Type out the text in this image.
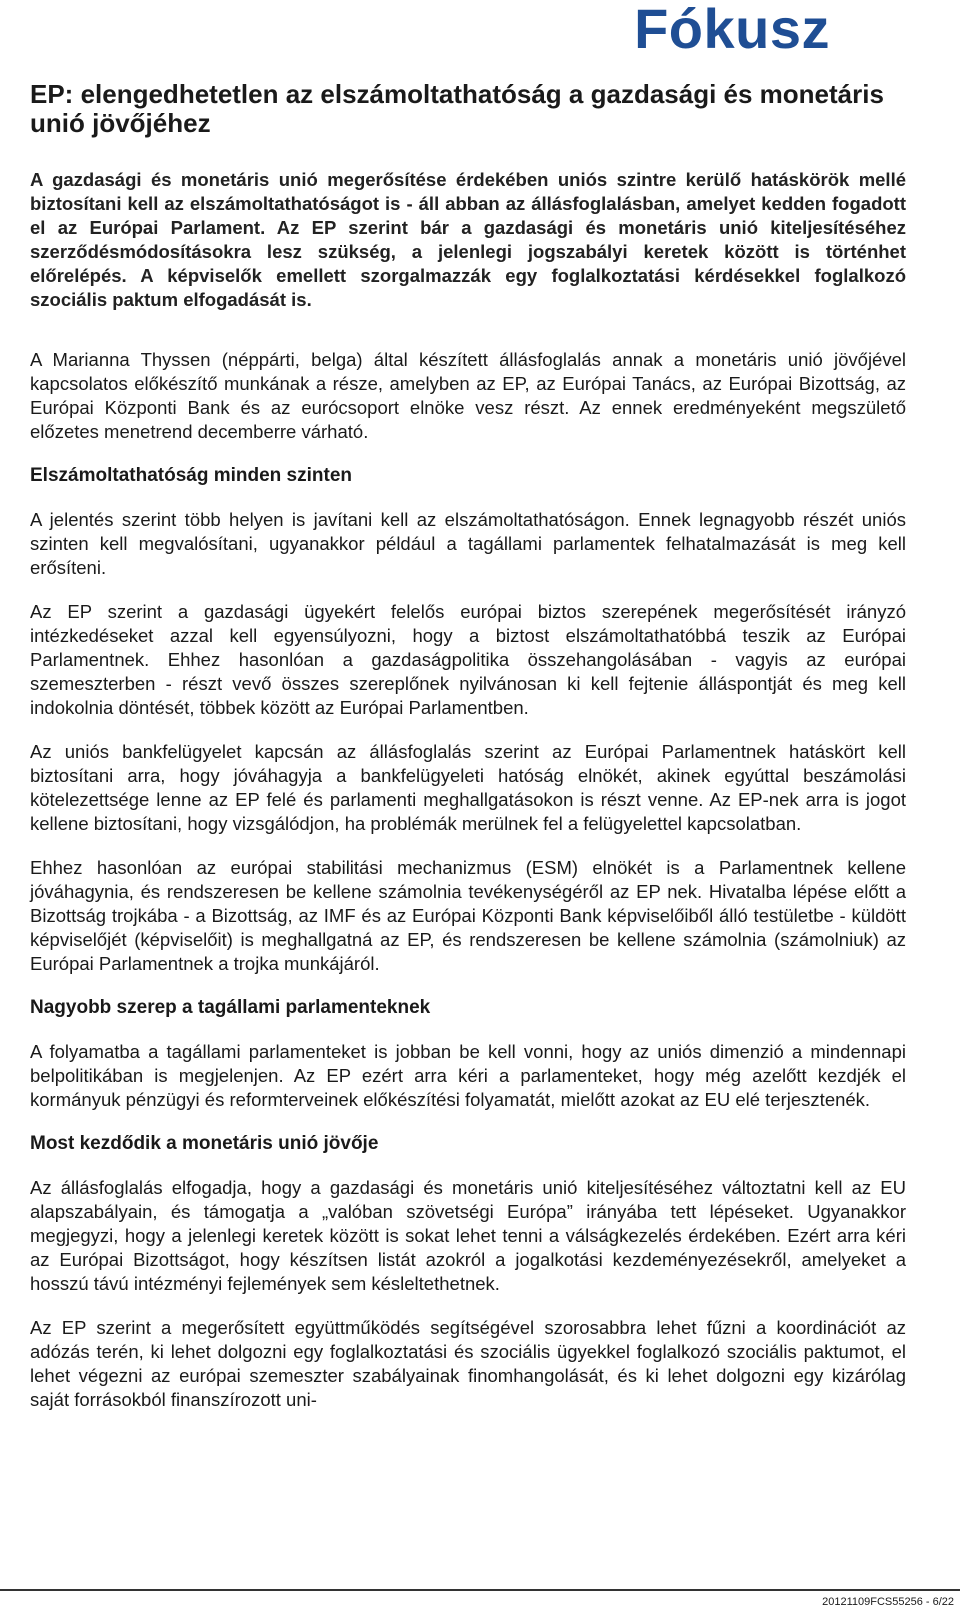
Fókusz
EP: elengedhetetlen az elszámoltathatóság a gazdasági és monetáris unió jövőjéhez

A gazdasági és monetáris unió megerősítése érdekében uniós szintre kerülő hatáskörök mellé biztosítani kell az elszámoltathatóságot is - áll abban az állásfoglalásban, amelyet kedden fogadott el az Európai Parlament. Az EP szerint bár a gazdasági és monetáris unió kiteljesítéséhez szerződésmódosításokra lesz szükség, a jelenlegi jogszabályi keretek között is történhet előrelépés. A képviselők emellett szorgalmazzák egy foglalkoztatási kérdésekkel foglalkozó szociális paktum elfogadását is.

A Marianna Thyssen (néppárti, belga) által készített állásfoglalás annak a monetáris unió jövőjével kapcsolatos előkészítő munkának a része, amelyben az EP, az Európai Tanács, az Európai Bizottság, az Európai Központi Bank és az eurócsoport elnöke vesz részt. Az ennek eredményeként megszülető előzetes menetrend decemberre várható.

Elszámoltathatóság minden szinten

A jelentés szerint több helyen is javítani kell az elszámoltathatóságon. Ennek legnagyobb részét uniós szinten kell megvalósítani, ugyanakkor például a tagállami parlamentek felhatalmazását is meg kell erősíteni.

Az EP szerint a gazdasági ügyekért felelős európai biztos szerepének megerősítését irányzó intézkedéseket azzal kell egyensúlyozni, hogy a biztost elszámoltathatóbbá teszik az Európai Parlamentnek. Ehhez hasonlóan a gazdaságpolitika összehangolásában - vagyis az európai szemeszterben - részt vevő összes szereplőnek nyilvánosan ki kell fejtenie álláspontját és meg kell indokolnia döntését, többek között az Európai Parlamentben.

Az uniós bankfelügyelet kapcsán az állásfoglalás szerint az Európai Parlamentnek hatáskört kell biztosítani arra, hogy jóváhagyja a bankfelügyeleti hatóság elnökét, akinek egyúttal beszámolási kötelezettsége lenne az EP felé és parlamenti meghallgatásokon is részt venne. Az EP-nek arra is jogot kellene biztosítani, hogy vizsgálódjon, ha problémák merülnek fel a felügyelettel kapcsolatban.

Ehhez hasonlóan az európai stabilitási mechanizmus (ESM) elnökét is a Parlamentnek kellene jóváhagynia, és rendszeresen be kellene számolnia tevékenységéről az EP nek. Hivatalba lépése előtt a Bizottság trojkába - a Bizottság, az IMF és az Európai Központi Bank képviselőiből álló testületbe - küldött képviselőjét (képviselőit) is meghallgatná az EP, és rendszeresen be kellene számolnia (számolniuk) az Európai Parlamentnek a trojka munkájáról.

Nagyobb szerep a tagállami parlamenteknek

A folyamatba a tagállami parlamenteket is jobban be kell vonni, hogy az uniós dimenzió a mindennapi belpolitikában is megjelenjen. Az EP ezért arra kéri a parlamenteket, hogy még azelőtt kezdjék el kormányuk pénzügyi és reformterveinek előkészítési folyamatát, mielőtt azokat az EU elé terjesztenék.

Most kezdődik a monetáris unió jövője

Az állásfoglalás elfogadja, hogy a gazdasági és monetáris unió kiteljesítéséhez változtatni kell az EU alapszabályain, és támogatja a „valóban szövetségi Európa” irányába tett lépéseket. Ugyanakkor megjegyzi, hogy a jelenlegi keretek között is sokat lehet tenni a válságkezelés érdekében. Ezért arra kéri az Európai Bizottságot, hogy készítsen listát azokról a jogalkotási kezdeményezésekről, amelyeket a hosszú távú intézményi fejlemények sem késleltethetnek.

Az EP szerint a megerősített együttműködés segítségével szorosabbra lehet fűzni a koordinációt az adózás terén, ki lehet dolgozni egy foglalkoztatási és szociális ügyekkel foglalkozó szociális paktumot, el lehet végezni az európai szemeszter szabályainak finomhangolását, és ki lehet dolgozni egy kizárólag saját forrásokból finanszírozott uni-

20121109FCS55256 - 6/22
